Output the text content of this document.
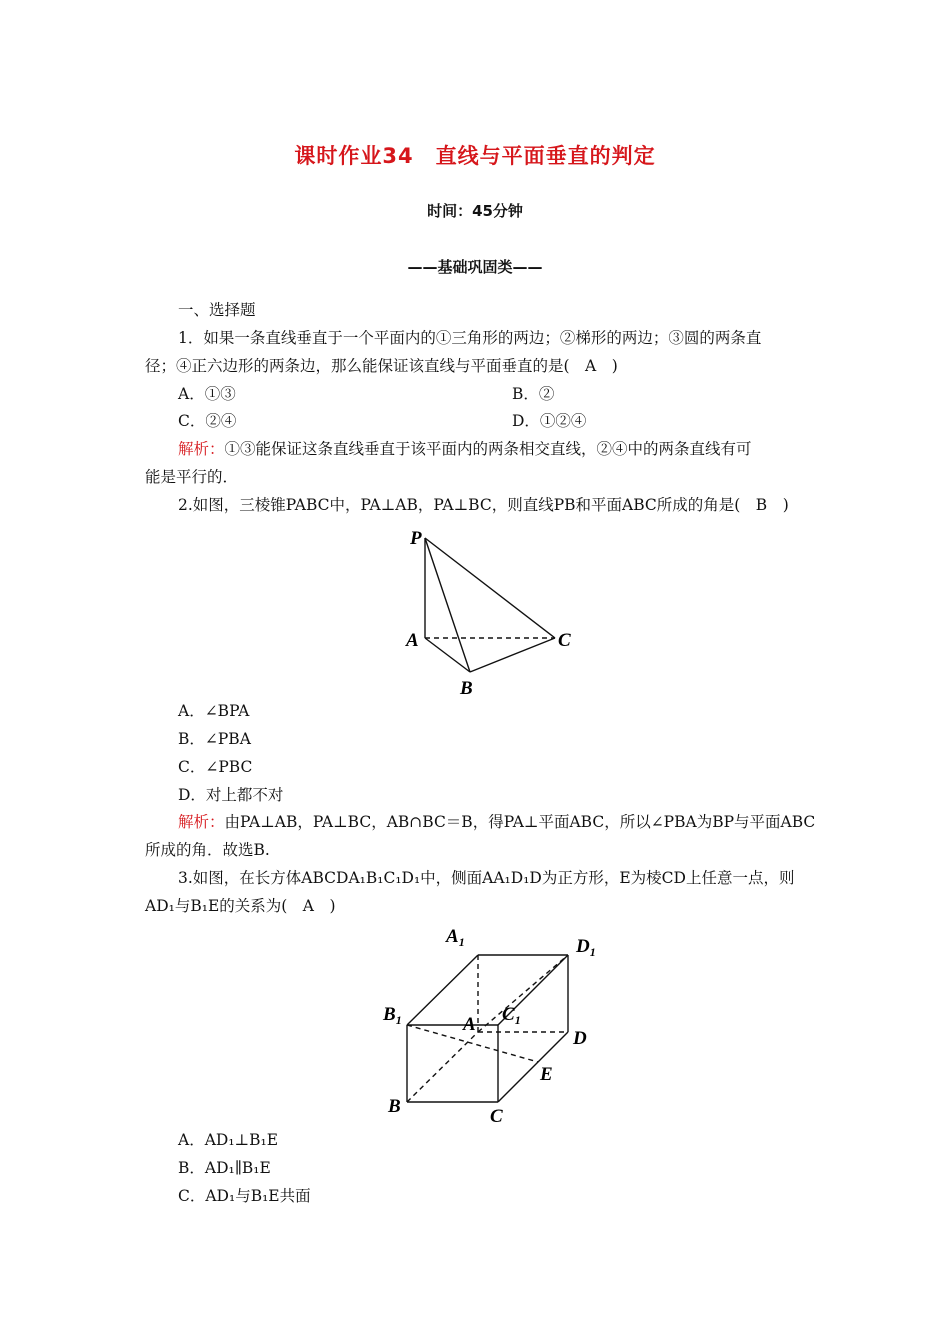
课时作业34　直线与平面垂直的判定
时间：45分钟
——基础巩固类——
一、选择题
1．如果一条直线垂直于一个平面内的①三角形的两边；②梯形的两边；③圆的两条直
径；④正六边形的两条边，那么能保证该直线与平面垂直的是(　A　)
A．①③	B．②
C．②④	D．①②④
解析：①③能保证这条直线垂直于该平面内的两条相交直线，②④中的两条直线有可
能是平行的．
2.如图，三棱锥PABC中，PA⊥AB，PA⊥BC，则直线PB和平面ABC所成的角是(　B　)
P
A
B
C
A．∠BPA
B．∠PBA
C．∠PBC
D．对上都不对
解析：由PA⊥AB，PA⊥BC，AB∩BC＝B，得PA⊥平面ABC，所以∠PBA为BP与平面ABC
所成的角．故选B.
3.如图，在长方体ABCDA₁B₁C₁D₁中，侧面AA₁D₁D为正方形，E为棱CD上任意一点，则
AD₁与B₁E的关系为(　A　)
$A_1$	$D_1$
$B_1$	$C_1$
A
D
E
B	C
A．AD₁⊥B₁E
B．AD₁∥B₁E
C．AD₁与B₁E共面
